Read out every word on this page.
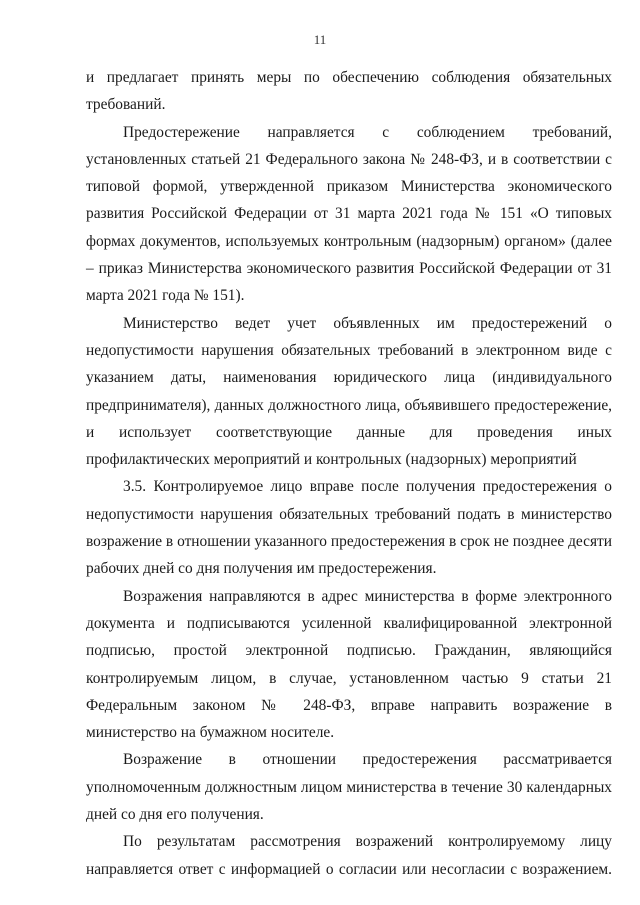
11

и предлагает принять меры по обеспечению соблюдения обязательных требований.

Предостережение направляется с соблюдением требований, установленных статьей 21 Федерального закона № 248-ФЗ, и в соответствии с типовой формой, утвержденной приказом Министерства экономического развития Российской Федерации от 31 марта 2021 года № 151 «О типовых формах документов, используемых контрольным (надзорным) органом» (далее – приказ Министерства экономического развития Российской Федерации от 31 марта 2021 года № 151).

Министерство ведет учет объявленных им предостережений о недопустимости нарушения обязательных требований в электронном виде с указанием даты, наименования юридического лица (индивидуального предпринимателя), данных должностного лица, объявившего предостережение, и использует соответствующие данные для проведения иных профилактических мероприятий и контрольных (надзорных) мероприятий

3.5. Контролируемое лицо вправе после получения предостережения о недопустимости нарушения обязательных требований подать в министерство возражение в отношении указанного предостережения в срок не позднее десяти рабочих дней со дня получения им предостережения.

Возражения направляются в адрес министерства в форме электронного документа и подписываются усиленной квалифицированной электронной подписью, простой электронной подписью. Гражданин, являющийся контролируемым лицом, в случае, установленном частью 9 статьи 21 Федеральным законом № 248-ФЗ, вправе направить возражение в министерство на бумажном носителе.

Возражение в отношении предостережения рассматривается уполномоченным должностным лицом министерства в течение 30 календарных дней со дня его получения.

По результатам рассмотрения возражений контролируемому лицу направляется ответ с информацией о согласии или несогласии с возражением.
